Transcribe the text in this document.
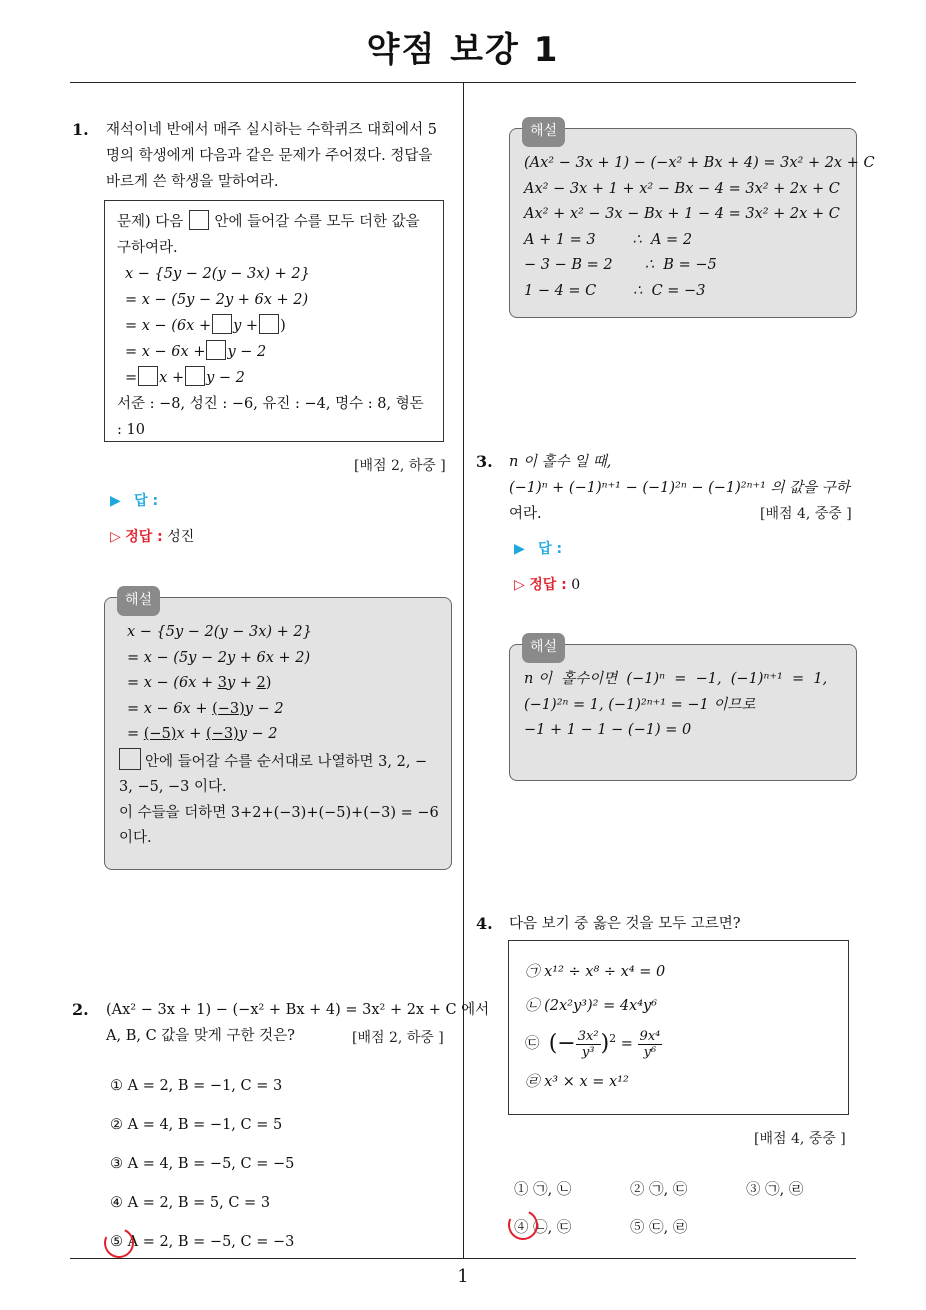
약점 보강 1
1
1. 재석이네 반에서 매주 실시하는 수학퀴즈 대회에서 5
명의 학생에게 다음과 같은 문제가 주어졌다. 정답을
바르게 쓴 학생을 말하여라.
문제) 다음 안에 들어갈 수를 모두 더한 값을
구하여라.
x − {5y − 2(y − 3x) + 2}
= x − (5y − 2y + 6x + 2)
= x − (6x + y + )
= x − 6x + y − 2
= x + y − 2
서준 : −8, 성진 : −6, 유진 : −4, 명수 : 8, 형돈
: 10
[배점 2, 하중 ]
▶ 답 :
▷ 정답 : 성진
해설
x − {5y − 2(y − 3x) + 2}
= x − (5y − 2y + 6x + 2)
= x − (6x + 3y + 2)
= x − 6x + (−3)y − 2
= (−5)x + (−3)y − 2
안에 들어갈 수를 순서대로 나열하면 3, 2, −
3, −5, −3 이다.
이 수들을 더하면 3+2+(−3)+(−5)+(−3) = −6
이다.
2. (Ax² − 3x + 1) − (−x² + Bx + 4) = 3x² + 2x + C 에서
A, B, C 값을 맞게 구한 것은?	[배점 2, 하중 ]
① A = 2, B = −1, C = 3
② A = 4, B = −1, C = 5
③ A = 4, B = −5, C = −5
④ A = 2, B = 5, C = 3
⑤ A = 2, B = −5, C = −3
해설
(Ax² − 3x + 1) − (−x² + Bx + 4) = 3x² + 2x + C
Ax² − 3x + 1 + x² − Bx − 4 = 3x² + 2x + C
Ax² + x² − 3x − Bx + 1 − 4 = 3x² + 2x + C
A + 1 = 3        ∴  A = 2
− 3 − B = 2       ∴  B = −5
1 − 4 = C        ∴  C = −3
3. n 이 홀수 일 때,
(−1)ⁿ + (−1)ⁿ⁺¹ − (−1)²ⁿ − (−1)²ⁿ⁺¹ 의 값을 구하
여라.	[배점 4, 중중 ]
▶ 답 :
▷ 정답 : 0
해설
n 이  홀수이면  (−1)ⁿ  =  −1,  (−1)ⁿ⁺¹  =  1,
(−1)²ⁿ = 1, (−1)²ⁿ⁺¹ = −1 이므로
−1 + 1 − 1 − (−1) = 0
4. 다음 보기 중 옳은 것을 모두 고르면?
㉠ x¹² ÷ x⁸ ÷ x⁴ = 0
㉡ (2x²y³)² = 4x⁴y⁶
㉢ (− $\frac{\text{3x²}}{\text{y³}} )^2 = \frac{\text{9x⁴}}{\text{y⁶}}$
㉣ x³ × x = x¹²
[배점 4, 중중 ]
① ㉠, ㉡	② ㉠, ㉢	③ ㉠, ㉣
④ ㉡, ㉢	⑤ ㉢, ㉣
